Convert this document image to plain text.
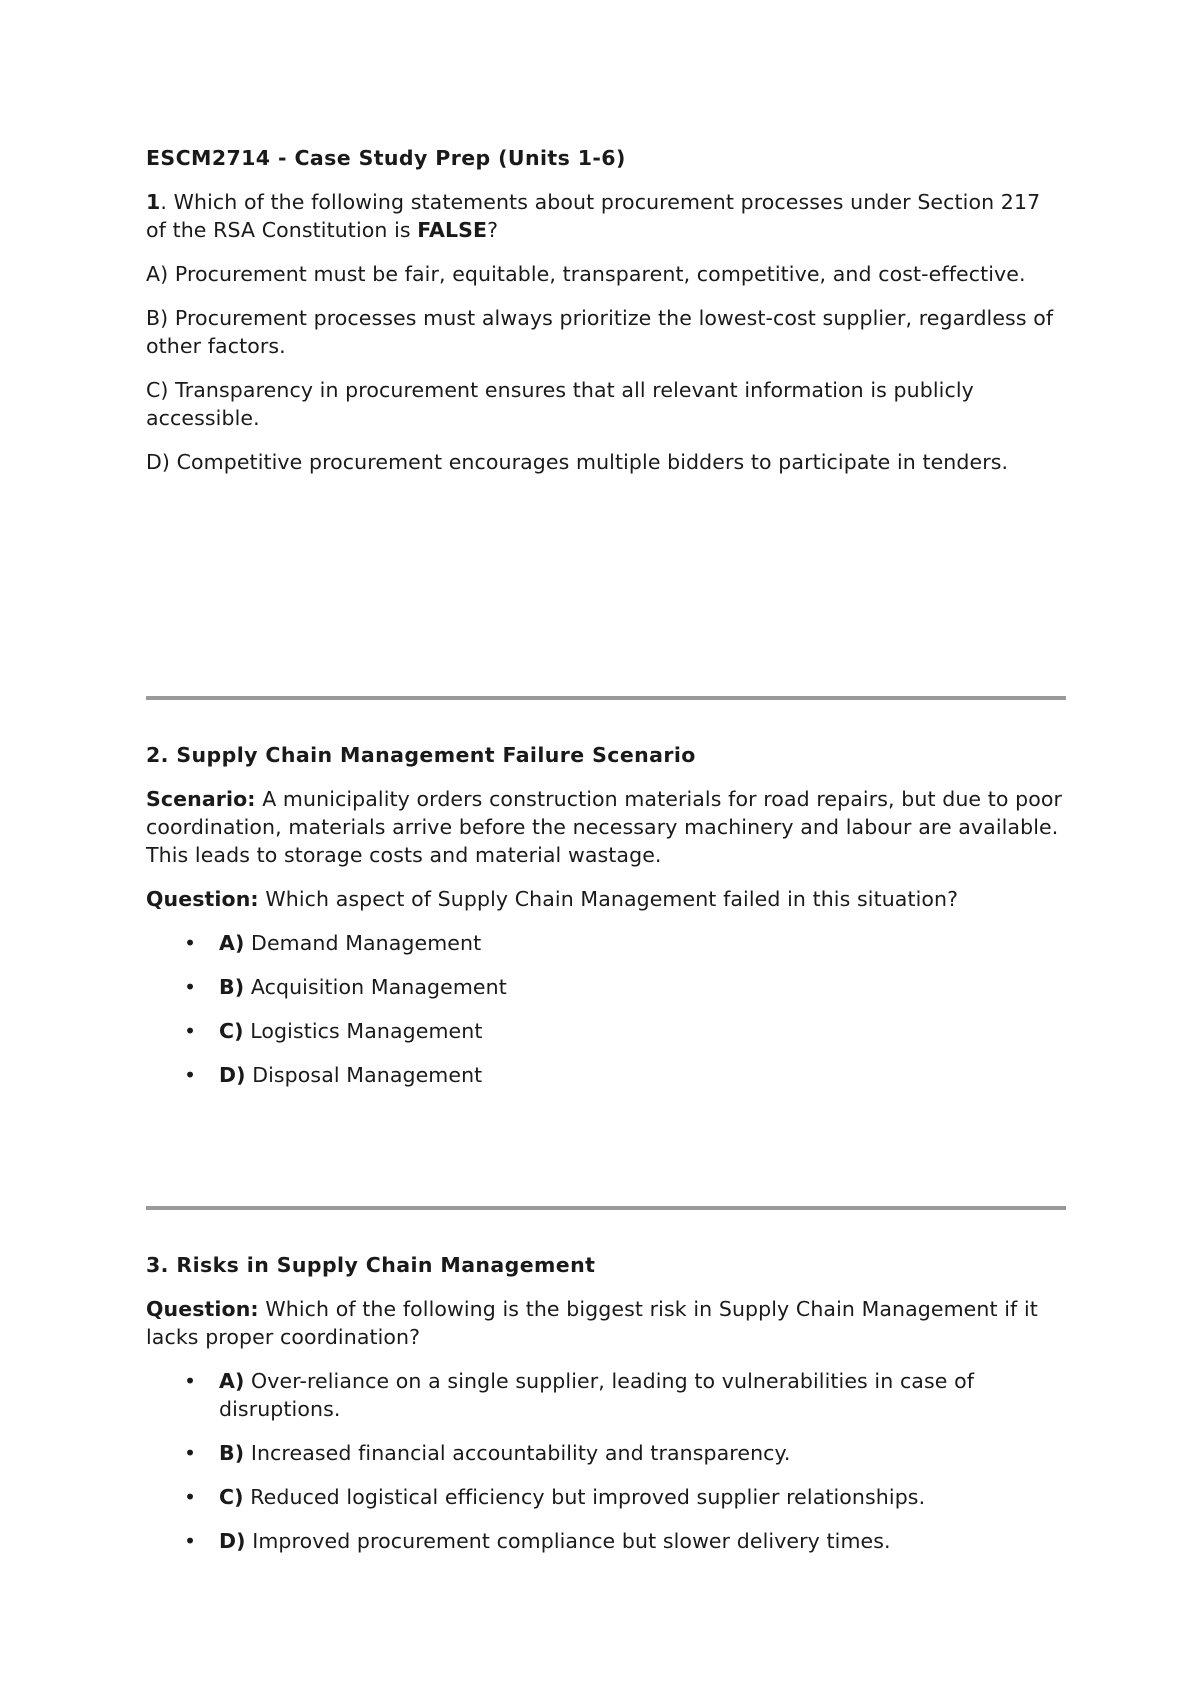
ESCM2714 - Case Study Prep (Units 1-6)

1. Which of the following statements about procurement processes under Section 217 of the RSA Constitution is FALSE?

A) Procurement must be fair, equitable, transparent, competitive, and cost-effective.

B) Procurement processes must always prioritize the lowest-cost supplier, regardless of other factors.

C) Transparency in procurement ensures that all relevant information is publicly accessible.

D) Competitive procurement encourages multiple bidders to participate in tenders.

2. Supply Chain Management Failure Scenario

Scenario: A municipality orders construction materials for road repairs, but due to poor coordination, materials arrive before the necessary machinery and labour are available. This leads to storage costs and material wastage.

Question: Which aspect of Supply Chain Management failed in this situation?

• A) Demand Management
• B) Acquisition Management
• C) Logistics Management
• D) Disposal Management

3. Risks in Supply Chain Management

Question: Which of the following is the biggest risk in Supply Chain Management if it lacks proper coordination?

• A) Over-reliance on a single supplier, leading to vulnerabilities in case of disruptions.
• B) Increased financial accountability and transparency.
• C) Reduced logistical efficiency but improved supplier relationships.
• D) Improved procurement compliance but slower delivery times.
